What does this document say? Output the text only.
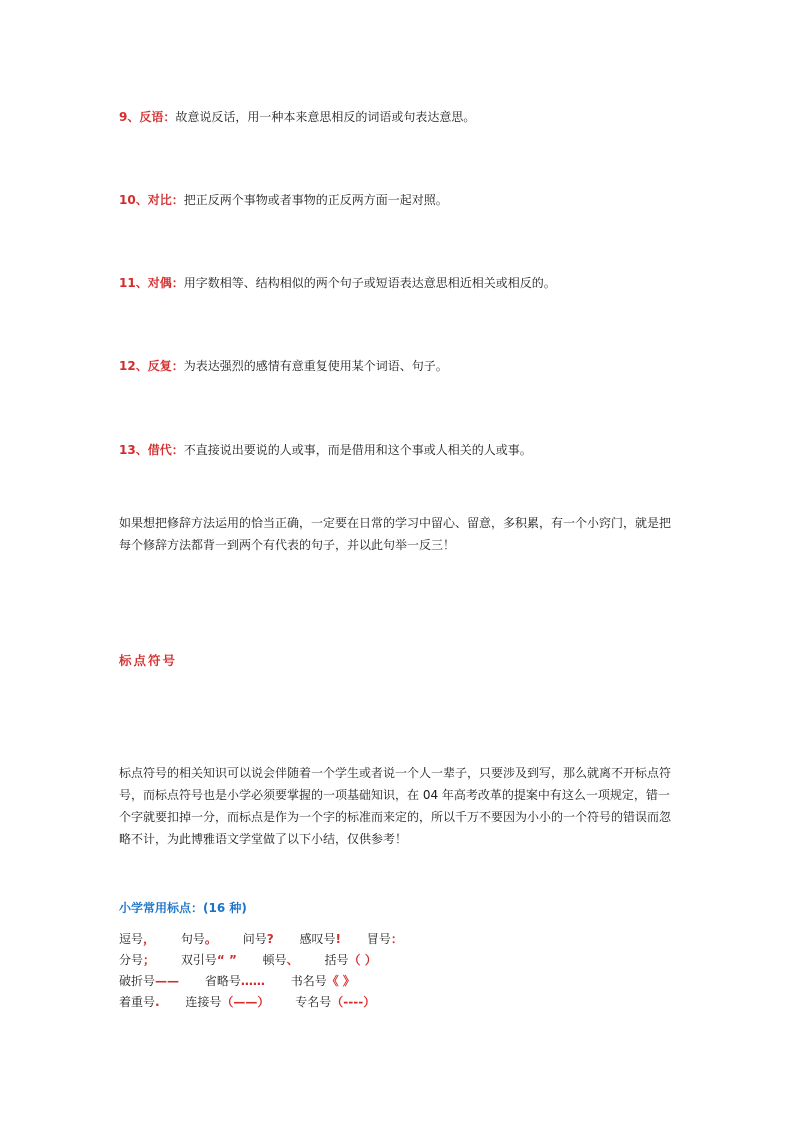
9、反语：故意说反话，用一种本来意思相反的词语或句表达意思。
10、对比：把正反两个事物或者事物的正反两方面一起对照。
11、对偶：用字数相等、结构相似的两个句子或短语表达意思相近相关或相反的。
12、反复：为表达强烈的感情有意重复使用某个词语、句子。
13、借代：不直接说出要说的人或事，而是借用和这个事或人相关的人或事。
如果想把修辞方法运用的恰当正确，一定要在日常的学习中留心、留意，多积累，有一个小窍门，就是把每个修辞方法都背一到两个有代表的句子，并以此句举一反三！
标点符号
标点符号的相关知识可以说会伴随着一个学生或者说一个人一辈子，只要涉及到写，那么就离不开标点符号，而标点符号也是小学必须要掌握的一项基础知识，在 04 年高考改革的提案中有这么一项规定，错一个字就要扣掉一分，而标点是作为一个字的标准而来定的，所以千万不要因为小小的一个符号的错误而忽略不计，为此博雅语文学堂做了以下小结，仅供参考！
小学常用标点：(16 种)
逗号， 句号。 问号? 感叹号! 冒号：
分号； 双引号“ ” 顿号、 括号（ ）
破折号—— 省略号…… 书名号《 》
着重号. 连接号（——） 专名号（----）
